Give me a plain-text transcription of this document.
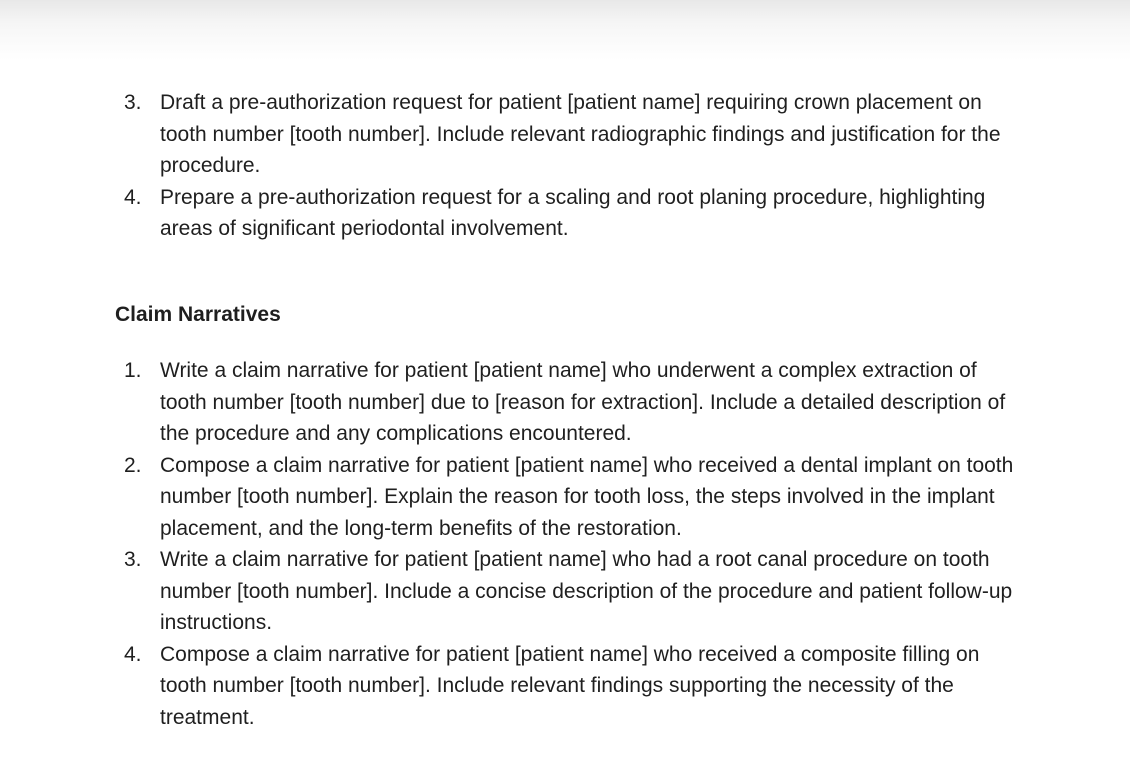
3. Draft a pre-authorization request for patient [patient name] requiring crown placement on tooth number [tooth number]. Include relevant radiographic findings and justification for the procedure.
4. Prepare a pre-authorization request for a scaling and root planing procedure, highlighting areas of significant periodontal involvement.
Claim Narratives
1. Write a claim narrative for patient [patient name] who underwent a complex extraction of tooth number [tooth number] due to [reason for extraction]. Include a detailed description of the procedure and any complications encountered.
2. Compose a claim narrative for patient [patient name] who received a dental implant on tooth number [tooth number]. Explain the reason for tooth loss, the steps involved in the implant placement, and the long-term benefits of the restoration.
3. Write a claim narrative for patient [patient name] who had a root canal procedure on tooth number [tooth number]. Include a concise description of the procedure and patient follow-up instructions.
4. Compose a claim narrative for patient [patient name] who received a composite filling on tooth number [tooth number]. Include relevant findings supporting the necessity of the treatment.
